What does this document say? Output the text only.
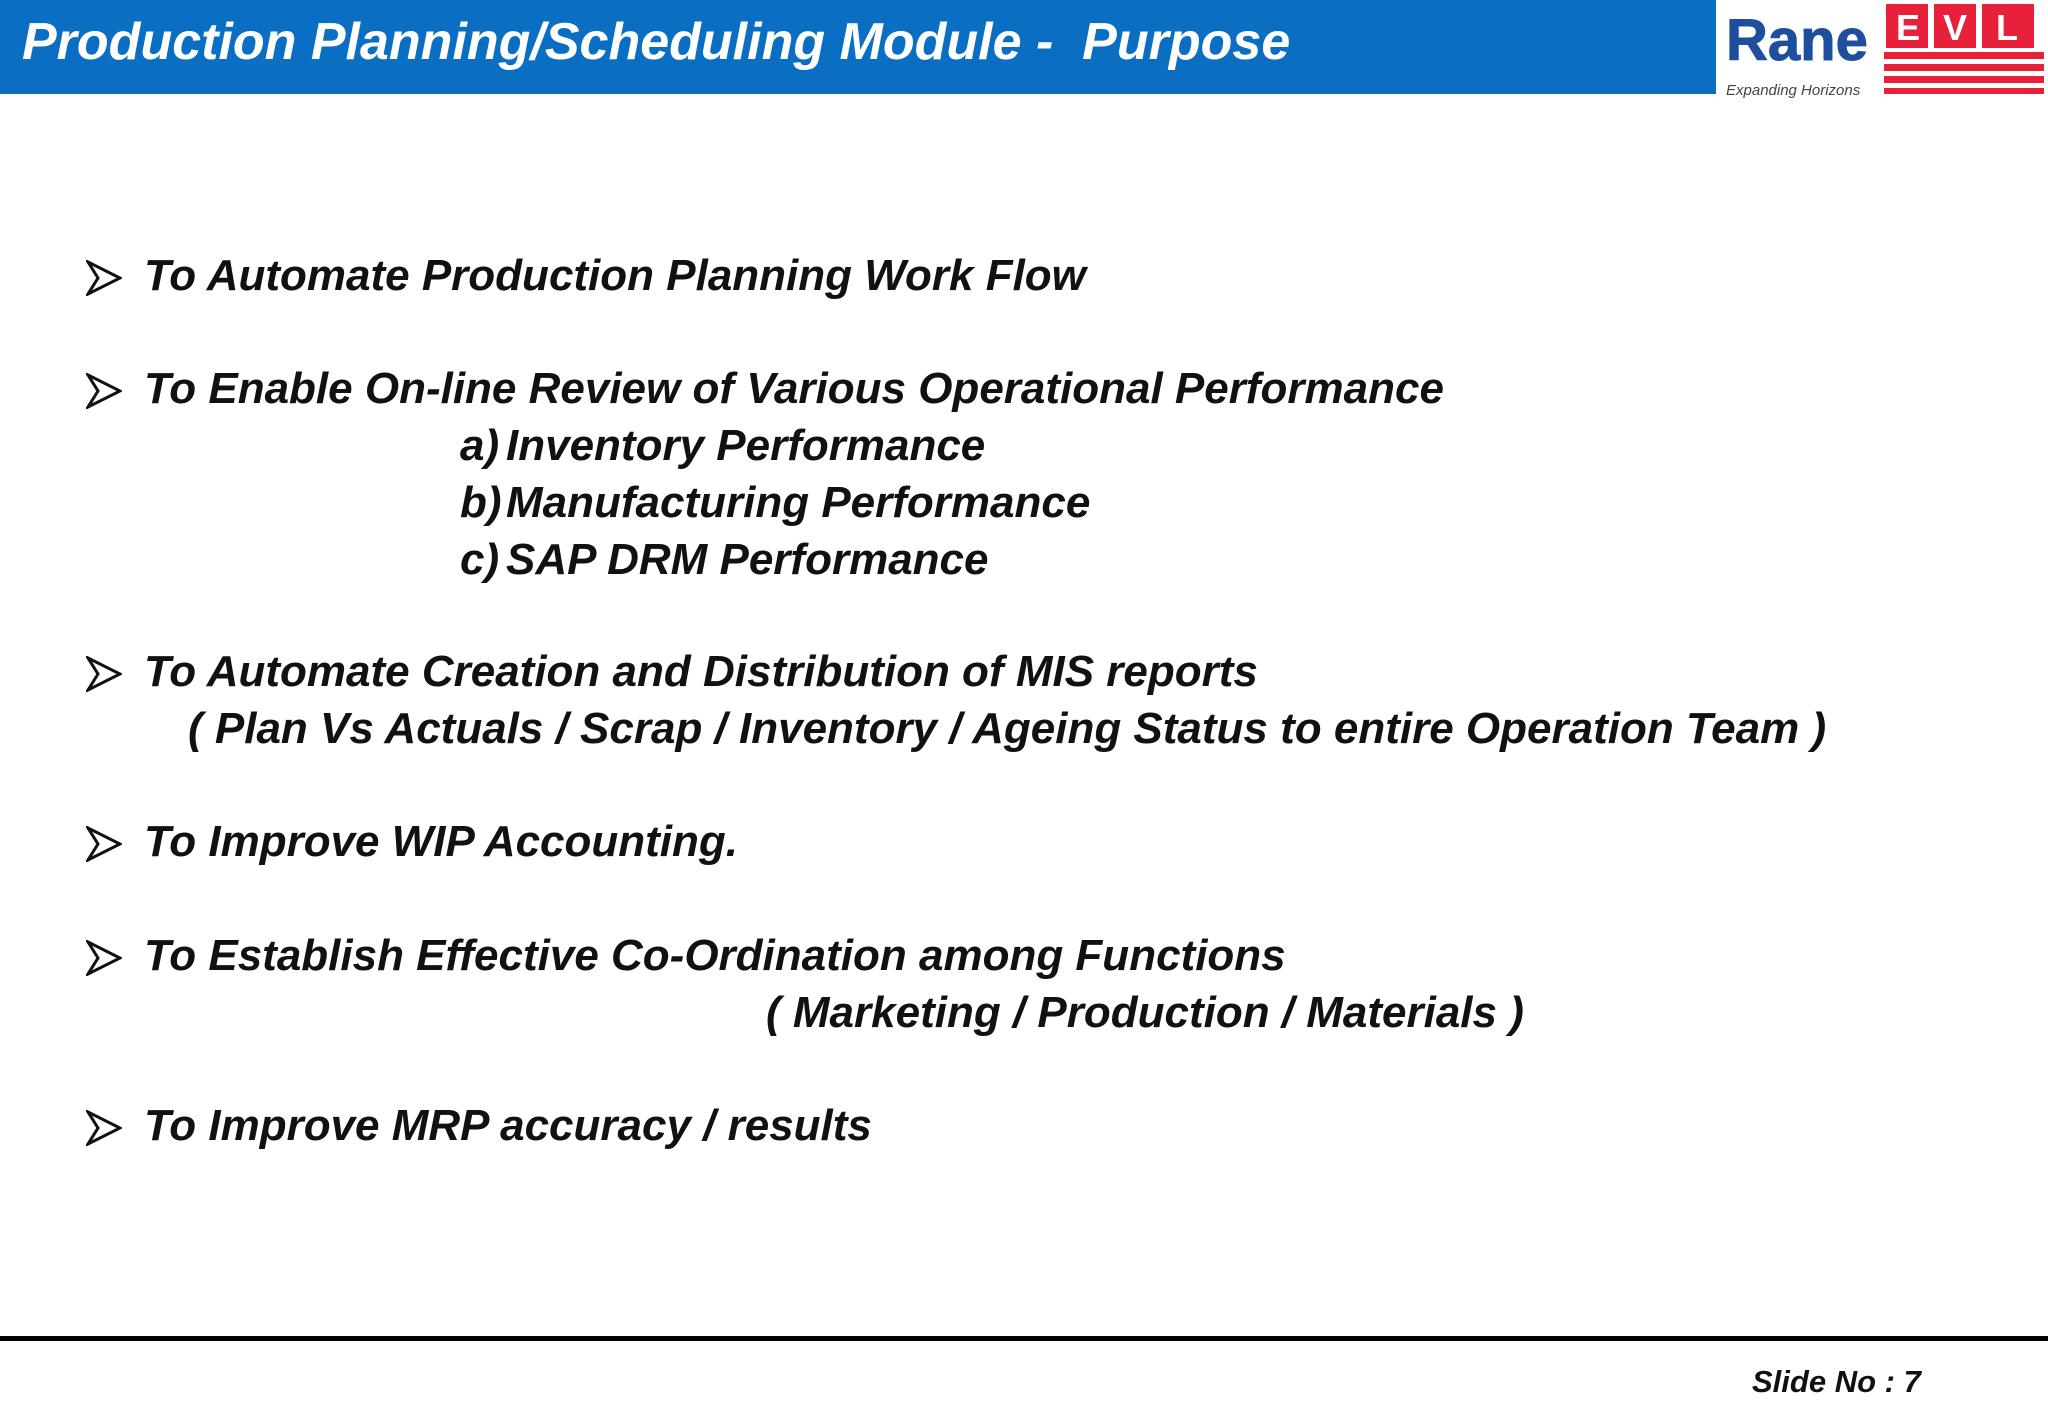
Production Planning/Scheduling Module -  Purpose	Rane
Expanding Horizons
E V L
To Automate Production Planning Work Flow
To Enable On-line Review of Various Operational Performance
a) Inventory Performance
b) Manufacturing Performance
c) SAP DRM Performance
To Automate Creation and Distribution of MIS reports
( Plan Vs Actuals / Scrap / Inventory / Ageing Status to entire Operation Team )
To Improve WIP Accounting.
To Establish Effective Co-Ordination among Functions
( Marketing / Production / Materials )
To Improve MRP accuracy / results
Slide No : 7
